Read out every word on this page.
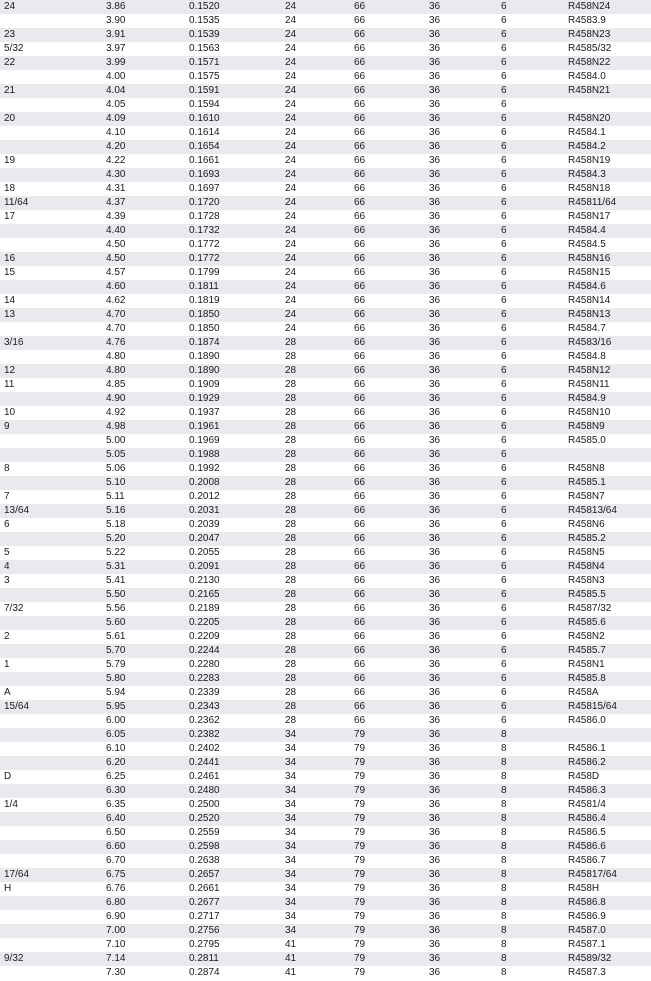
24	3.86	0.1520	24	66	36	6	R458N24
	3.90	0.1535	24	66	36	6	R4583.9
23	3.91	0.1539	24	66	36	6	R458N23
5/32	3.97	0.1563	24	66	36	6	R4585/32
22	3.99	0.1571	24	66	36	6	R458N22
	4.00	0.1575	24	66	36	6	R4584.0
21	4.04	0.1591	24	66	36	6	R458N21
	4.05	0.1594	24	66	36	6	
20	4.09	0.1610	24	66	36	6	R458N20
	4.10	0.1614	24	66	36	6	R4584.1
	4.20	0.1654	24	66	36	6	R4584.2
19	4.22	0.1661	24	66	36	6	R458N19
	4.30	0.1693	24	66	36	6	R4584.3
18	4.31	0.1697	24	66	36	6	R458N18
11/64	4.37	0.1720	24	66	36	6	R45811/64
17	4.39	0.1728	24	66	36	6	R458N17
	4.40	0.1732	24	66	36	6	R4584.4
	4.50	0.1772	24	66	36	6	R4584.5
16	4.50	0.1772	24	66	36	6	R458N16
15	4.57	0.1799	24	66	36	6	R458N15
	4.60	0.1811	24	66	36	6	R4584.6
14	4.62	0.1819	24	66	36	6	R458N14
13	4.70	0.1850	24	66	36	6	R458N13
	4.70	0.1850	24	66	36	6	R4584.7
3/16	4.76	0.1874	28	66	36	6	R4583/16
	4.80	0.1890	28	66	36	6	R4584.8
12	4.80	0.1890	28	66	36	6	R458N12
11	4.85	0.1909	28	66	36	6	R458N11
	4.90	0.1929	28	66	36	6	R4584.9
10	4.92	0.1937	28	66	36	6	R458N10
9	4.98	0.1961	28	66	36	6	R458N9
	5.00	0.1969	28	66	36	6	R4585.0
	5.05	0.1988	28	66	36	6	
8	5.06	0.1992	28	66	36	6	R458N8
	5.10	0.2008	28	66	36	6	R4585.1
7	5.11	0.2012	28	66	36	6	R458N7
13/64	5.16	0.2031	28	66	36	6	R45813/64
6	5.18	0.2039	28	66	36	6	R458N6
	5.20	0.2047	28	66	36	6	R4585.2
5	5.22	0.2055	28	66	36	6	R458N5
4	5.31	0.2091	28	66	36	6	R458N4
3	5.41	0.2130	28	66	36	6	R458N3
	5.50	0.2165	28	66	36	6	R4585.5
7/32	5.56	0.2189	28	66	36	6	R4587/32
	5.60	0.2205	28	66	36	6	R4585.6
2	5.61	0.2209	28	66	36	6	R458N2
	5.70	0.2244	28	66	36	6	R4585.7
1	5.79	0.2280	28	66	36	6	R458N1
	5.80	0.2283	28	66	36	6	R4585.8
A	5.94	0.2339	28	66	36	6	R458A
15/64	5.95	0.2343	28	66	36	6	R45815/64
	6.00	0.2362	28	66	36	6	R4586.0
	6.05	0.2382	34	79	36	8	
	6.10	0.2402	34	79	36	8	R4586.1
	6.20	0.2441	34	79	36	8	R4586.2
D	6.25	0.2461	34	79	36	8	R458D
	6.30	0.2480	34	79	36	8	R4586.3
1/4	6.35	0.2500	34	79	36	8	R4581/4
	6.40	0.2520	34	79	36	8	R4586.4
	6.50	0.2559	34	79	36	8	R4586.5
	6.60	0.2598	34	79	36	8	R4586.6
	6.70	0.2638	34	79	36	8	R4586.7
17/64	6.75	0.2657	34	79	36	8	R45817/64
H	6.76	0.2661	34	79	36	8	R458H
	6.80	0.2677	34	79	36	8	R4586.8
	6.90	0.2717	34	79	36	8	R4586.9
	7.00	0.2756	34	79	36	8	R4587.0
	7.10	0.2795	41	79	36	8	R4587.1
9/32	7.14	0.2811	41	79	36	8	R4589/32
	7.30	0.2874	41	79	36	8	R4587.3
